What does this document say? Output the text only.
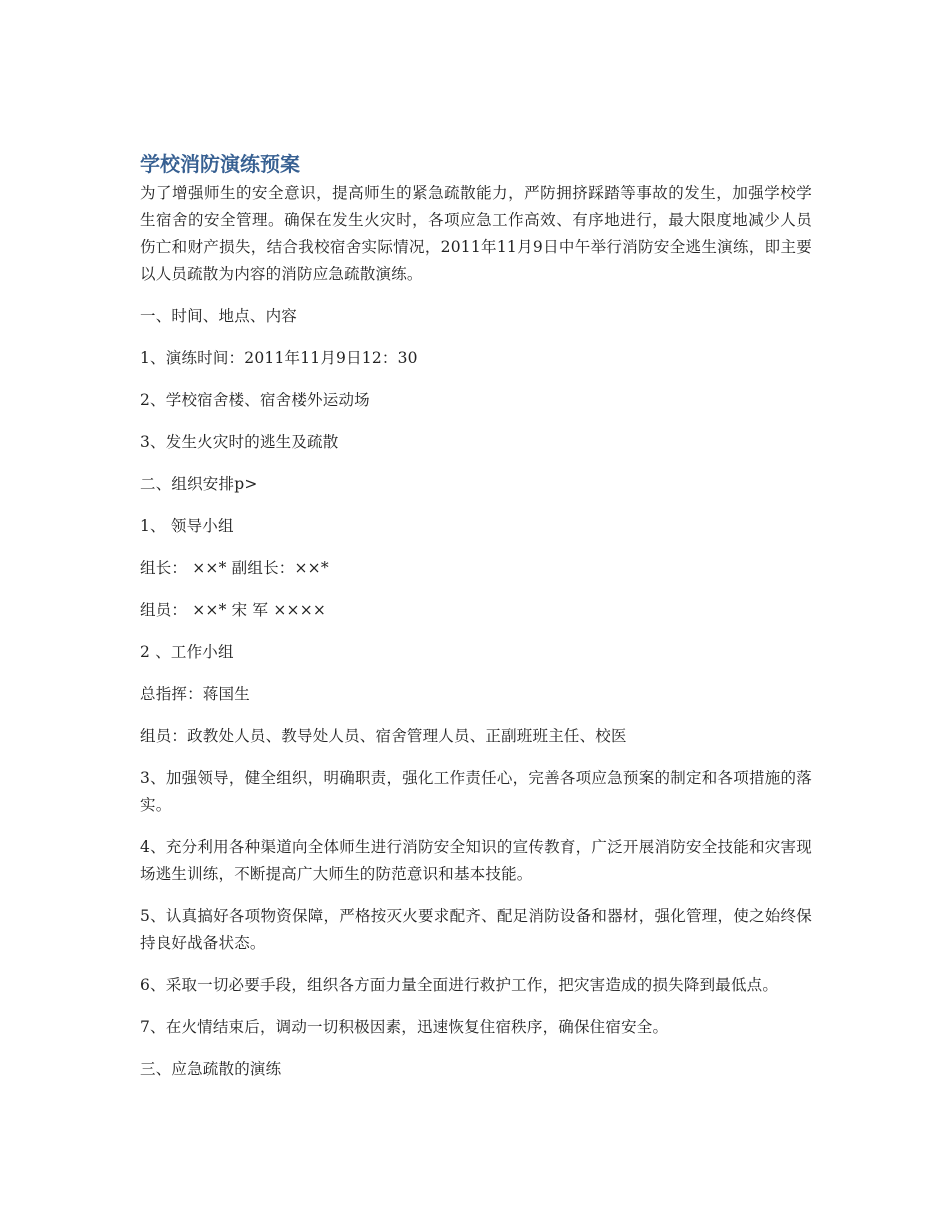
学校消防演练预案

为了增强师生的安全意识，提高师生的紧急疏散能力，严防拥挤踩踏等事故的发生，加强学校学生宿舍的安全管理。确保在发生火灾时，各项应急工作高效、有序地进行，最大限度地减少人员伤亡和财产损失，结合我校宿舍实际情况，2011年11月9日中午举行消防安全逃生演练，即主要以人员疏散为内容的消防应急疏散演练。

一、时间、地点、内容

1、演练时间：2011年11月9日12：30

2、学校宿舍楼、宿舍楼外运动场

3、发生火灾时的逃生及疏散

二、组织安排p>

1、 领导小组

组长： ××* 副组长：××*

组员： ××* 宋 军 ××××

2 、工作小组

总指挥：蒋国生

组员：政教处人员、教导处人员、宿舍管理人员、正副班班主任、校医

3、加强领导，健全组织，明确职责，强化工作责任心，完善各项应急预案的制定和各项措施的落实。

4、充分利用各种渠道向全体师生进行消防安全知识的宣传教育，广泛开展消防安全技能和灾害现场逃生训练，不断提高广大师生的防范意识和基本技能。

5、认真搞好各项物资保障，严格按灭火要求配齐、配足消防设备和器材，强化管理，使之始终保持良好战备状态。

6、采取一切必要手段，组织各方面力量全面进行救护工作，把灾害造成的损失降到最低点。

7、在火情结束后，调动一切积极因素，迅速恢复住宿秩序，确保住宿安全。

三、应急疏散的演练
